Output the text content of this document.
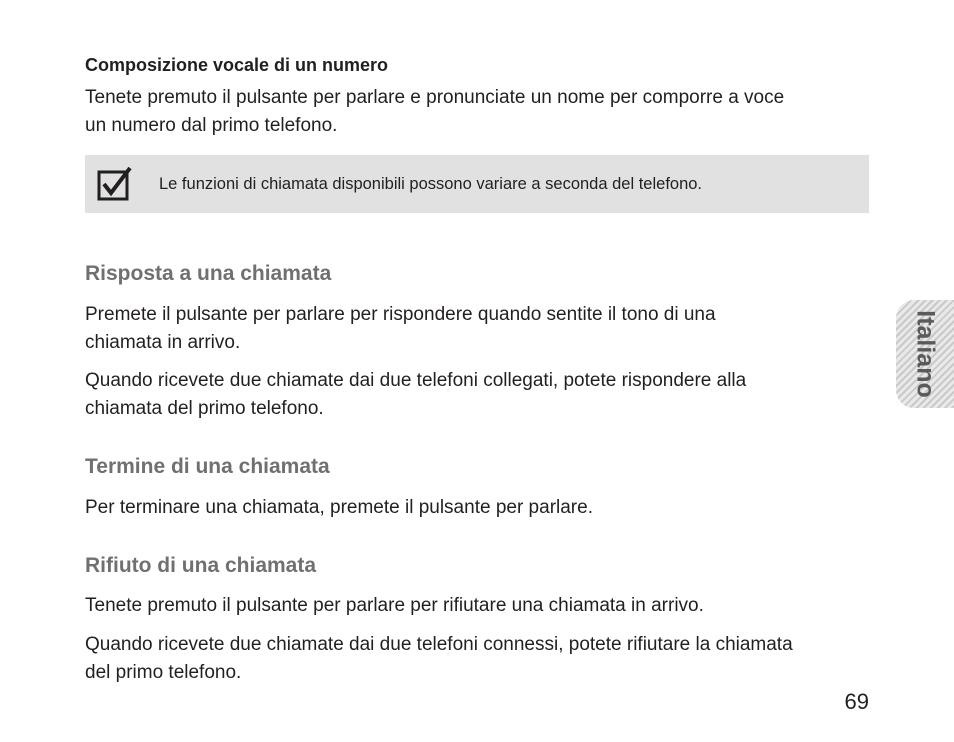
Composizione vocale di un numero
Tenete premuto il pulsante per parlare e pronunciate un nome per comporre a voce
un numero dal primo telefono.
Le funzioni di chiamata disponibili possono variare a seconda del telefono.
Risposta a una chiamata
Premete il pulsante per parlare per rispondere quando sentite il tono di una
chiamata in arrivo.
Quando ricevete due chiamate dai due telefoni collegati, potete rispondere alla
chiamata del primo telefono.
Termine di una chiamata
Per terminare una chiamata, premete il pulsante per parlare.
Rifiuto di una chiamata
Tenete premuto il pulsante per parlare per rifiutare una chiamata in arrivo.
Quando ricevete due chiamate dai due telefoni connessi, potete rifiutare la chiamata
del primo telefono.
69
Italiano
